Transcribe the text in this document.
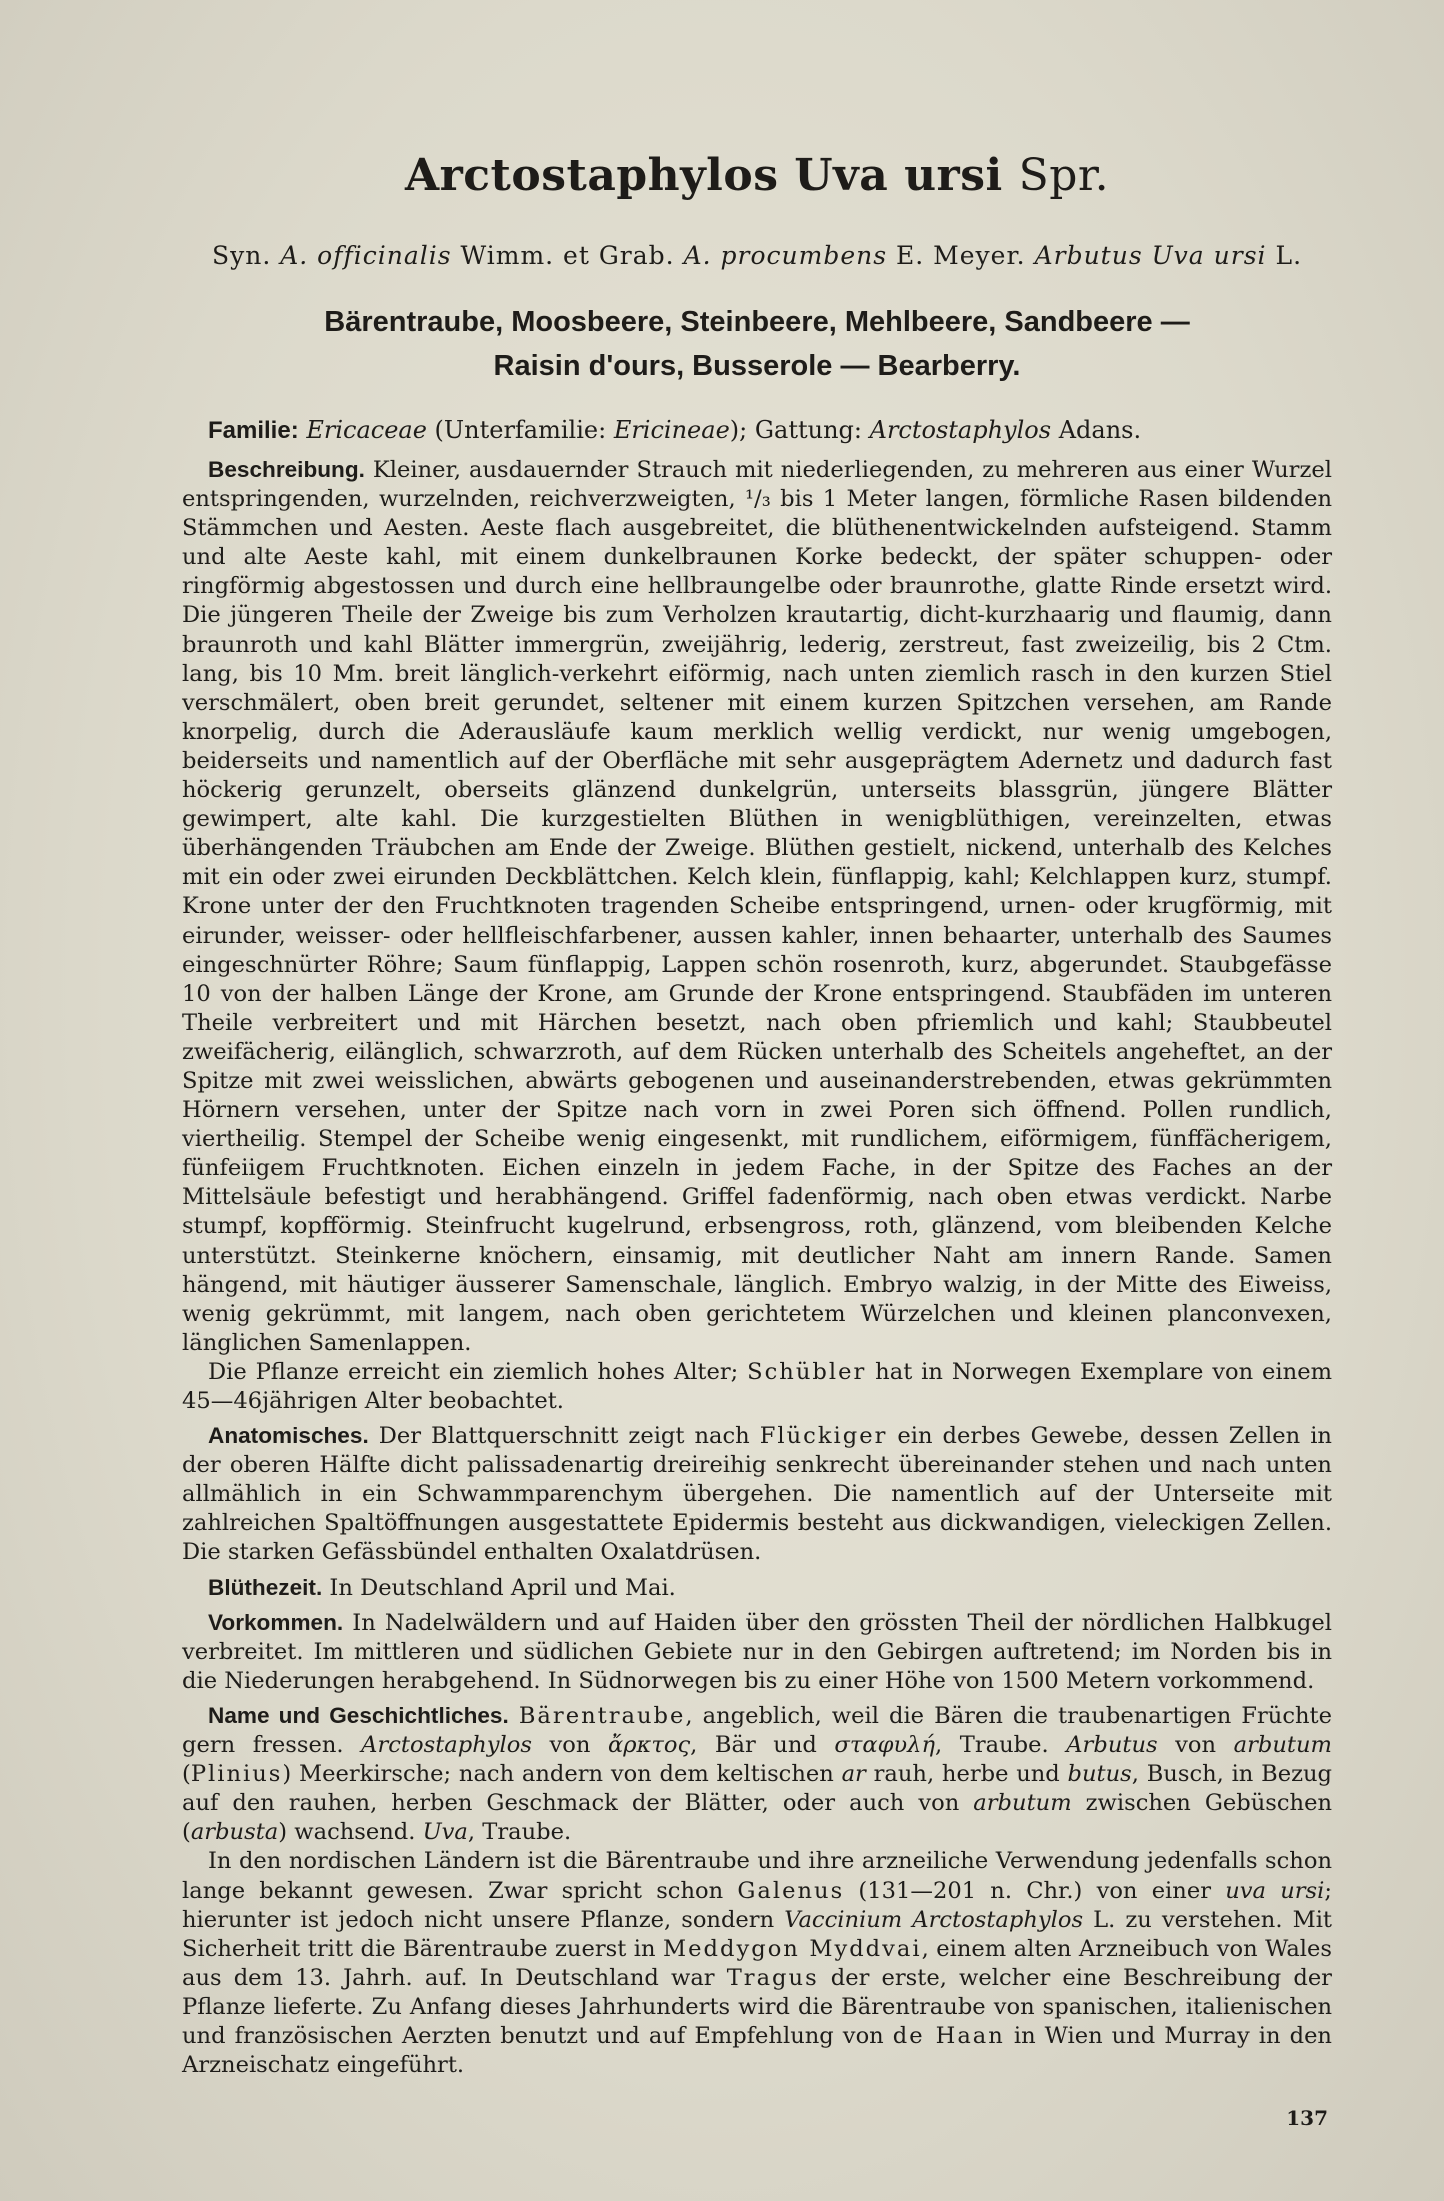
Arctostaphylos Uva ursi Spr.
Syn. A. officinalis Wimm. et Grab. A. procumbens E. Meyer. Arbutus Uva ursi L.
Bärentraube, Moosbeere, Steinbeere, Mehlbeere, Sandbeere —
Raisin d'ours, Busserole — Bearberry.
Familie: Ericaceae (Unterfamilie: Ericineae); Gattung: Arctostaphylos Adans.

Beschreibung. Kleiner, ausdauernder Strauch mit niederliegenden, zu mehreren aus einer Wurzel entspringenden, wurzelnden, reichverzweigten, ¹/₃ bis 1 Meter langen, förmliche Rasen bildenden Stämmchen und Aesten. Aeste flach ausgebreitet, die blüthenentwickelnden aufsteigend. Stamm und alte Aeste kahl, mit einem dunkelbraunen Korke bedeckt, der später schuppen- oder ringförmig abgestossen und durch eine hellbraungelbe oder braunrothe, glatte Rinde ersetzt wird. Die jüngeren Theile der Zweige bis zum Verholzen krautartig, dicht-kurzhaarig und flaumig, dann braunroth und kahl Blätter immergrün, zweijährig, lederig, zerstreut, fast zweizeilig, bis 2 Ctm. lang, bis 10 Mm. breit länglich-verkehrt eiförmig, nach unten ziemlich rasch in den kurzen Stiel verschmälert, oben breit gerundet, seltener mit einem kurzen Spitzchen versehen, am Rande knorpelig, durch die Aderausläufe kaum merklich wellig verdickt, nur wenig umgebogen, beiderseits und namentlich auf der Oberfläche mit sehr ausgeprägtem Adernetz und dadurch fast höckerig gerunzelt, oberseits glänzend dunkelgrün, unterseits blassgrün, jüngere Blätter gewimpert, alte kahl. Die kurzgestielten Blüthen in wenigblüthigen, vereinzelten, etwas überhängenden Träubchen am Ende der Zweige. Blüthen gestielt, nickend, unterhalb des Kelches mit ein oder zwei eirunden Deckblättchen. Kelch klein, fünflappig, kahl; Kelchlappen kurz, stumpf. Krone unter der den Fruchtknoten tragenden Scheibe entspringend, urnen- oder krugförmig, mit eirunder, weisser- oder hellfleischfarbener, aussen kahler, innen behaarter, unterhalb des Saumes eingeschnürter Röhre; Saum fünflappig, Lappen schön rosenroth, kurz, abgerundet. Staubgefässe 10 von der halben Länge der Krone, am Grunde der Krone entspringend. Staubfäden im unteren Theile verbreitert und mit Härchen besetzt, nach oben pfriemlich und kahl; Staubbeutel zweifächerig, eilänglich, schwarzroth, auf dem Rücken unterhalb des Scheitels angeheftet, an der Spitze mit zwei weisslichen, abwärts gebogenen und auseinanderstrebenden, etwas gekrümmten Hörnern versehen, unter der Spitze nach vorn in zwei Poren sich öffnend. Pollen rundlich, viertheilig. Stempel der Scheibe wenig eingesenkt, mit rundlichem, eiförmigem, fünffächerigem, fünfeiigem Fruchtknoten. Eichen einzeln in jedem Fache, in der Spitze des Faches an der Mittelsäule befestigt und herabhängend. Griffel fadenförmig, nach oben etwas verdickt. Narbe stumpf, kopfförmig. Steinfrucht kugelrund, erbsengross, roth, glänzend, vom bleibenden Kelche unterstützt. Steinkerne knöchern, einsamig, mit deutlicher Naht am innern Rande. Samen hängend, mit häutiger äusserer Samenschale, länglich. Embryo walzig, in der Mitte des Eiweiss, wenig gekrümmt, mit langem, nach oben gerichtetem Würzelchen und kleinen planconvexen, länglichen Samenlappen.

Die Pflanze erreicht ein ziemlich hohes Alter; Schübler hat in Norwegen Exemplare von einem 45—46jährigen Alter beobachtet.

Anatomisches. Der Blattquerschnitt zeigt nach Flückiger ein derbes Gewebe, dessen Zellen in der oberen Hälfte dicht palissadenartig dreireihig senkrecht übereinander stehen und nach unten allmählich in ein Schwammparenchym übergehen. Die namentlich auf der Unterseite mit zahlreichen Spaltöffnungen ausgestattete Epidermis besteht aus dickwandigen, vieleckigen Zellen. Die starken Gefässbündel enthalten Oxalatdrüsen.

Blüthezeit. In Deutschland April und Mai.

Vorkommen. In Nadelwäldern und auf Haiden über den grössten Theil der nördlichen Halbkugel verbreitet. Im mittleren und südlichen Gebiete nur in den Gebirgen auftretend; im Norden bis in die Niederungen herabgehend. In Südnorwegen bis zu einer Höhe von 1500 Metern vorkommend.

Name und Geschichtliches. Bärentraube, angeblich, weil die Bären die traubenartigen Früchte gern fressen. Arctostaphylos von ἄρκτος, Bär und σταφυλή, Traube. Arbutus von arbutum (Plinius) Meerkirsche; nach andern von dem keltischen ar rauh, herbe und butus, Busch, in Bezug auf den rauhen, herben Geschmack der Blätter, oder auch von arbutum zwischen Gebüschen (arbusta) wachsend. Uva, Traube.

In den nordischen Ländern ist die Bärentraube und ihre arzneiliche Verwendung jedenfalls schon lange bekannt gewesen. Zwar spricht schon Galenus (131—201 n. Chr.) von einer uva ursi; hierunter ist jedoch nicht unsere Pflanze, sondern Vaccinium Arctostaphylos L. zu verstehen. Mit Sicherheit tritt die Bärentraube zuerst in Meddygon Myddvai, einem alten Arzneibuch von Wales aus dem 13. Jahrh. auf. In Deutschland war Tragus der erste, welcher eine Beschreibung der Pflanze lieferte. Zu Anfang dieses Jahrhunderts wird die Bärentraube von spanischen, italienischen und französischen Aerzten benutzt und auf Empfehlung von de Haan in Wien und Murray in den Arzneischatz eingeführt.

137
